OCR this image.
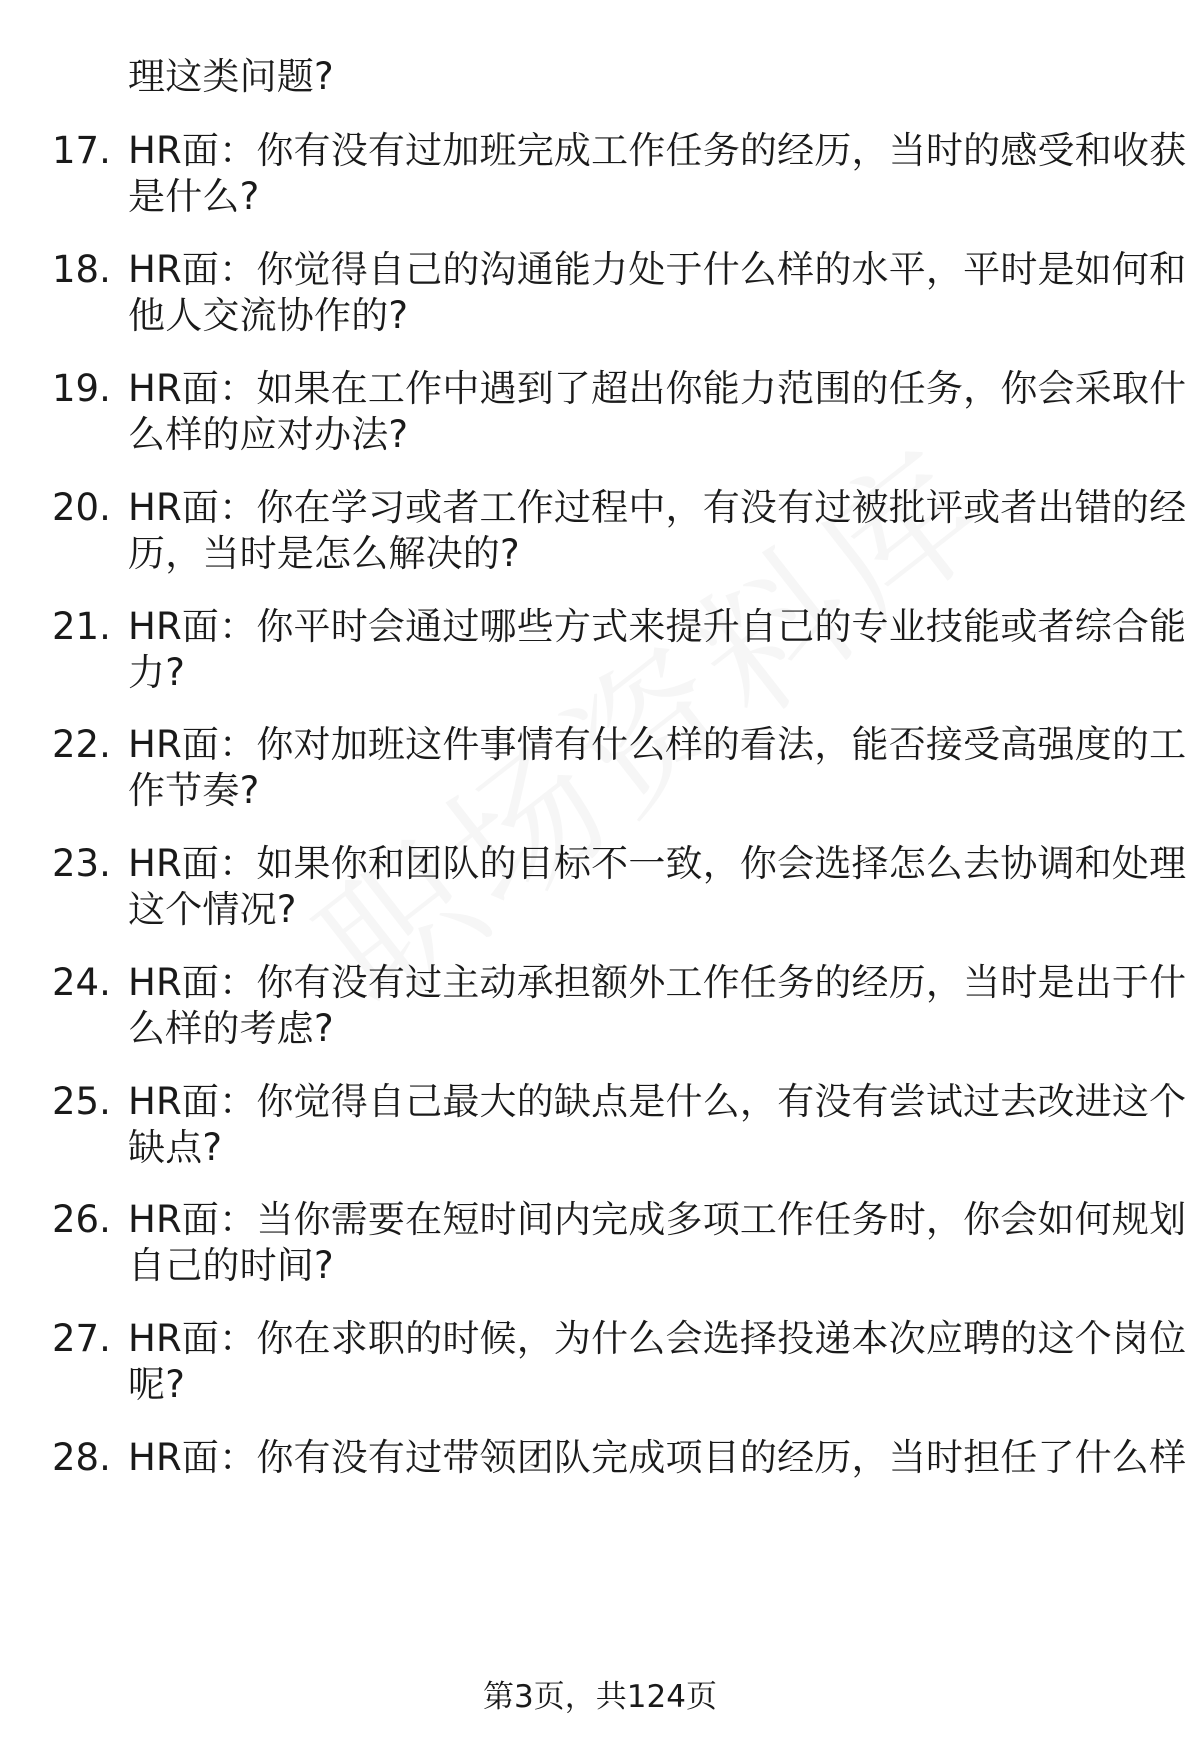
理这类问题?
17. HR面：你有没有过加班完成工作任务的经历，当时的感受和收获
是什么?
18. HR面：你觉得自己的沟通能力处于什么样的水平，平时是如何和
他人交流协作的?
19. HR面：如果在工作中遇到了超出你能力范围的任务，你会采取什
么样的应对办法?
20. HR面：你在学习或者工作过程中，有没有过被批评或者出错的经
历，当时是怎么解决的?
21. HR面：你平时会通过哪些方式来提升自己的专业技能或者综合能
力?
22. HR面：你对加班这件事情有什么样的看法，能否接受高强度的工
作节奏?
23. HR面：如果你和团队的目标不一致，你会选择怎么去协调和处理
这个情况?
24. HR面：你有没有过主动承担额外工作任务的经历，当时是出于什
么样的考虑?
25. HR面：你觉得自己最大的缺点是什么，有没有尝试过去改进这个
缺点?
26. HR面：当你需要在短时间内完成多项工作任务时，你会如何规划
自己的时间?
27. HR面：你在求职的时候，为什么会选择投递本次应聘的这个岗位
呢?
28. HR面：你有没有过带领团队完成项目的经历，当时担任了什么样
第3页，共124页
